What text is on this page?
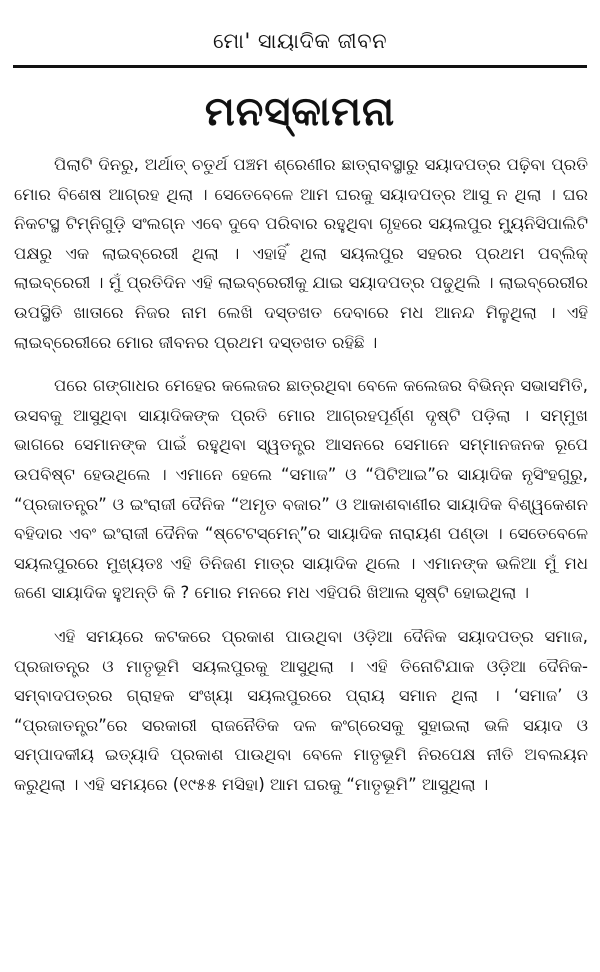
ମୋ' ସାୟାଦିକ ଜୀବନ
ମନସ୍କାମନା

ପିଲାଟି ଦିନରୁ, ଅର୍ଥାତ୍ ଚତୁର୍ଥ ପଞ୍ଚମ ଶ୍ରେଣୀର ଛାତ୍ରାବସ୍ଥାରୁ ସୟାଦପତ୍ର ପଢ଼ିବା ପ୍ରତି ମୋର ବିଶେଷ ଆଗ୍ରହ ଥିଲା । ସେତେବେଳେ ଆମ ଘରକୁ ସୟାଦପତ୍ର ଆସୁ ନ ଥିଲା । ଘର ନିକଟସ୍ଥ ଟିମ୍‌ନିଗୁଡ଼ି ସଂଲଗ୍ନ ଏବେ ଦୁବେ ପରିବାର ରହୁଥିବା ଗୃହରେ ସୟଲପୁର ମ୍ୟୁନିସିପାଲିଟି ପକ୍ଷରୁ ଏକ ଲାଇବ୍ରେରୀ ଥିଲା । ଏହାହିଁ ଥିଲା ସୟଲପୁର ସହରର ପ୍ରଥମ ପବ୍ଲିକ୍ ଲାଇବ୍ରେରୀ । ମୁଁ ପ୍ରତିଦିନ ଏହି ଲାଇବ୍ରେରୀକୁ ଯାଇ ସୟାଦପତ୍ର ପଢୁଥିଲି । ଲାଇବ୍ରେରୀର ଉପସ୍ଥିତି ଖାତାରେ ନିଜର ନାମ ଲେଖି ଦସ୍ତଖତ ଦେବାରେ ମଧ ଆନନ୍ଦ ମିଳୁଥିଲା । ଏହି ଲାଇବ୍ରେରୀରେ ମୋର ଜୀବନର ପ୍ରଥମ ଦସ୍ତଖତ ରହିଛି ।

ପରେ ଗଙ୍ଗାଧର ମେହେର କଲେଜର ଛାତ୍ରଥିବା ବେଳେ କଲେଜର ବିଭିନ୍ନ ସଭାସମିତି, ଉସବକୁ ଆସୁଥିବା ସାୟାଦିକଙ୍କ ପ୍ରତି ମୋର ଆଗ୍ରହପୂର୍ଣ୍ଣ ଦୃଷ୍ଟି ପଡ଼ିଲା । ସମ୍ମୁଖ ଭାଗରେ ସେମାନଙ୍କ ପାଇଁ ରହୁଥିବା ସ୍ୱତନ୍ତ୍ର ଆସନରେ ସେମାନେ ସମ୍ମାନଜନକ ରୂପେ ଉପବିଷ୍ଟ ହେଉଥିଲେ । ଏମାନେ ହେଲେ “ସମାଜ” ଓ “ପିଟିଆଇ”ର ସାୟାଦିକ ନୃସିଂହଗୁରୁ, “ପ୍ରଜାତନ୍ତ୍ର” ଓ ଇଂରାଜୀ ଦୈନିକ “ଅମୃତ ବଜାର” ଓ ଆକାଶବାଣୀର ସାୟାଦିକ ବିଶ୍ୱକେଶନ ବହିଦାର ଏବଂ ଇଂରାଜୀ ଦୈନିକ “ଷ୍ଟେଟସ୍‌ମେନ୍”ର ସାୟାଦିକ ନାରାୟଣ ପଣ୍ଡା । ସେତେବେଳେ ସୟଲପୁରରେ ମୁଖ୍ୟତଃ ଏହି ତିନିଜଣ ମାତ୍ର ସାୟାଦିକ ଥିଲେ । ଏମାନଙ୍କ ଭଳିଆ ମୁଁ ମଧ ଜଣେ ସାୟାଦିକ ହୁଅନ୍ତି କି ? ମୋର ମନରେ ମଧ ଏହିପରି ଖିଆଲ ସୃଷ୍ଟି ହୋଇଥିଲା ।

ଏହି ସମୟରେ କଟକରେ ପ୍ରକାଶ ପାଉଥିବା ଓଡ଼ିଆ ଦୈନିକ ସୟାଦପତ୍ର ସମାଜ, ପ୍ରଜାତନ୍ତ୍ର ଓ ମାତୃଭୂମି ସୟଲପୁରକୁ ଆସୁଥିଲା । ଏହି ତିନୋଟିଯାକ ଓଡ଼ିଆ ଦୈନିକ-ସମ୍ବାଦପତ୍ରର ଗ୍ରାହକ ସଂଖ୍ୟା ସୟଲପୁରରେ ପ୍ରାୟ ସମାନ ଥିଲା । ‘ସମାଜ’ ଓ “ପ୍ରଜାତନ୍ତ୍ର”ରେ ସରକାରୀ ରାଜନୈତିକ ଦଳ କଂଗ୍ରେସକୁ ସୁହାଇଲା ଭଳି ସୟାଦ ଓ ସମ୍ପାଦକୀୟ ଇତ୍ୟାଦି ପ୍ରକାଶ ପାଉଥିବା ବେଳେ ମାତୃଭୂମି ନିରପେକ୍ଷ ନୀତି ଅବଲୟନ କରୁଥିଲା । ଏହି ସମୟରେ (୧୯୫୫ ମସିହା) ଆମ ଘରକୁ “ମାତୃଭୂମି” ଆସୁଥିଲା ।
